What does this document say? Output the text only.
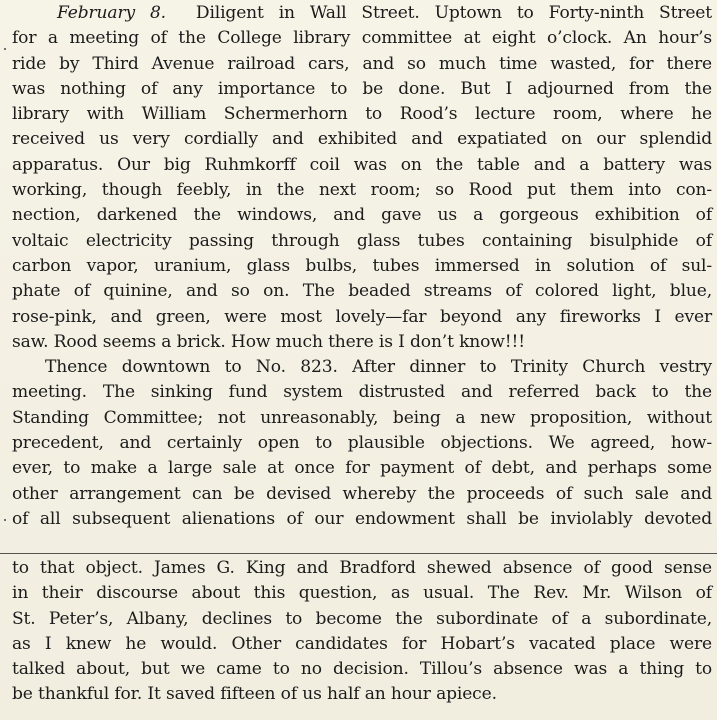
February 8. Diligent in Wall Street. Uptown to Forty-ninth Street
for a meeting of the College library committee at eight o’clock. An hour’s
ride by Third Avenue railroad cars, and so much time wasted, for there
was nothing of any importance to be done. But I adjourned from the
library with William Schermerhorn to Rood’s lecture room, where he
received us very cordially and exhibited and expatiated on our splendid
apparatus. Our big Ruhmkorff coil was on the table and a battery was
working, though feebly, in the next room; so Rood put them into con-
nection, darkened the windows, and gave us a gorgeous exhibition of
voltaic electricity passing through glass tubes containing bisulphide of
carbon vapor, uranium, glass bulbs, tubes immersed in solution of sul-
phate of quinine, and so on. The beaded streams of colored light, blue,
rose-pink, and green, were most lovely—far beyond any fireworks I ever
saw. Rood seems a brick. How much there is I don’t know!!!
Thence downtown to No. 823. After dinner to Trinity Church vestry
meeting. The sinking fund system distrusted and referred back to the
Standing Committee; not unreasonably, being a new proposition, without
precedent, and certainly open to plausible objections. We agreed, how-
ever, to make a large sale at once for payment of debt, and perhaps some
other arrangement can be devised whereby the proceeds of such sale and
of all subsequent alienations of our endowment shall be inviolably devoted
to that object. James G. King and Bradford shewed absence of good sense
in their discourse about this question, as usual. The Rev. Mr. Wilson of
St. Peter’s, Albany, declines to become the subordinate of a subordinate,
as I knew he would. Other candidates for Hobart’s vacated place were
talked about, but we came to no decision. Tillou’s absence was a thing to
be thankful for. It saved fifteen of us half an hour apiece.
